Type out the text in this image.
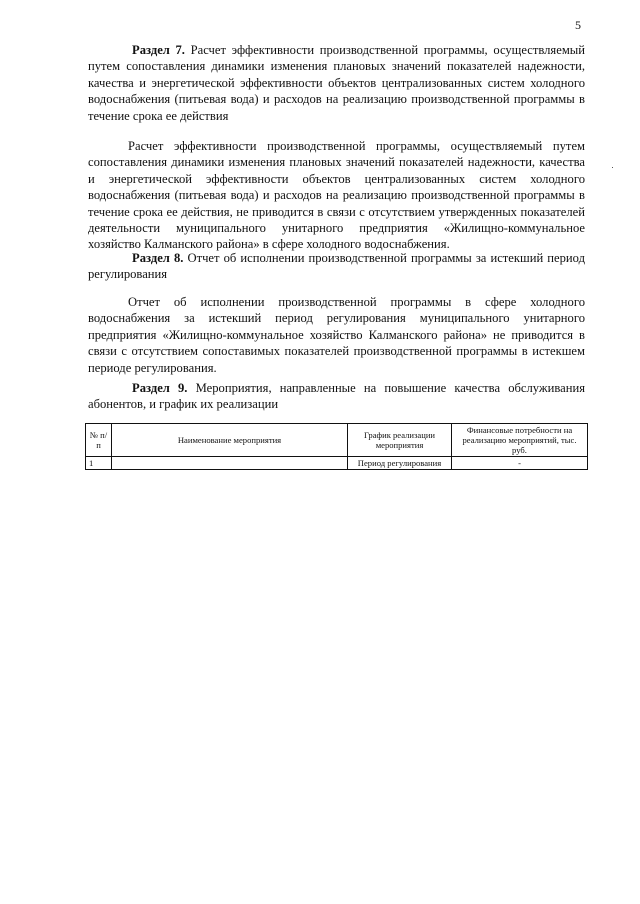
5
Раздел 7. Расчет эффективности производственной программы, осуществляемый путем сопоставления динамики изменения плановых значений показателей надежности, качества и энергетической эффективности объектов централизованных систем холодного водоснабжения (питьевая вода) и расходов на реализацию производственной программы в течение срока ее действия

Расчет эффективности производственной программы, осуществляемый путем сопоставления динамики изменения плановых значений показателей надежности, качества и энергетической эффективности объектов централизованных систем холодного водоснабжения (питьевая вода) и расходов на реализацию производственной программы в течение срока ее действия, не приводится в связи с отсутствием утвержденных показателей деятельности муниципального унитарного предприятия «Жилищно-коммунальное хозяйство Калманского района» в сфере холодного водоснабжения.

Раздел 8. Отчет об исполнении производственной программы за истекший период регулирования

Отчет об исполнении производственной программы в сфере холодного водоснабжения за истекший период регулирования муниципального унитарного предприятия «Жилищно-коммунальное хозяйство Калманского района» не приводится в связи с отсутствием сопоставимых показателей производственной программы в истекшем периоде регулирования.

Раздел 9. Мероприятия, направленные на повышение качества обслуживания абонентов, и график их реализации
№ п/п	Наименование мероприятия	График реализации мероприятия	Финансовые потребности на реализацию мероприятий, тыс. руб.
1		Период регулирования	-
